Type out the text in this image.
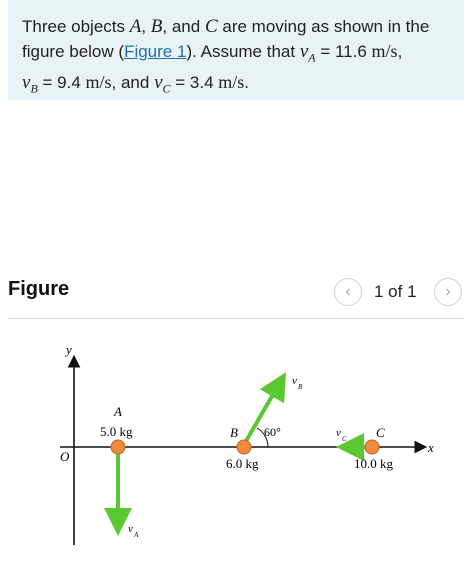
Three objects A, B, and C are moving as shown in the figure below (Figure 1). Assume that $v_A = 11.6$ m/s,
$v_B = 9.4$ m/s, and $v_C = 3.4$ m/s.
Figure	‹ 1 of 1 ›
y
x
O
A
5.0 kg
v A
B 60°
6.0 kg
v B
C
10.0 kg
v C
